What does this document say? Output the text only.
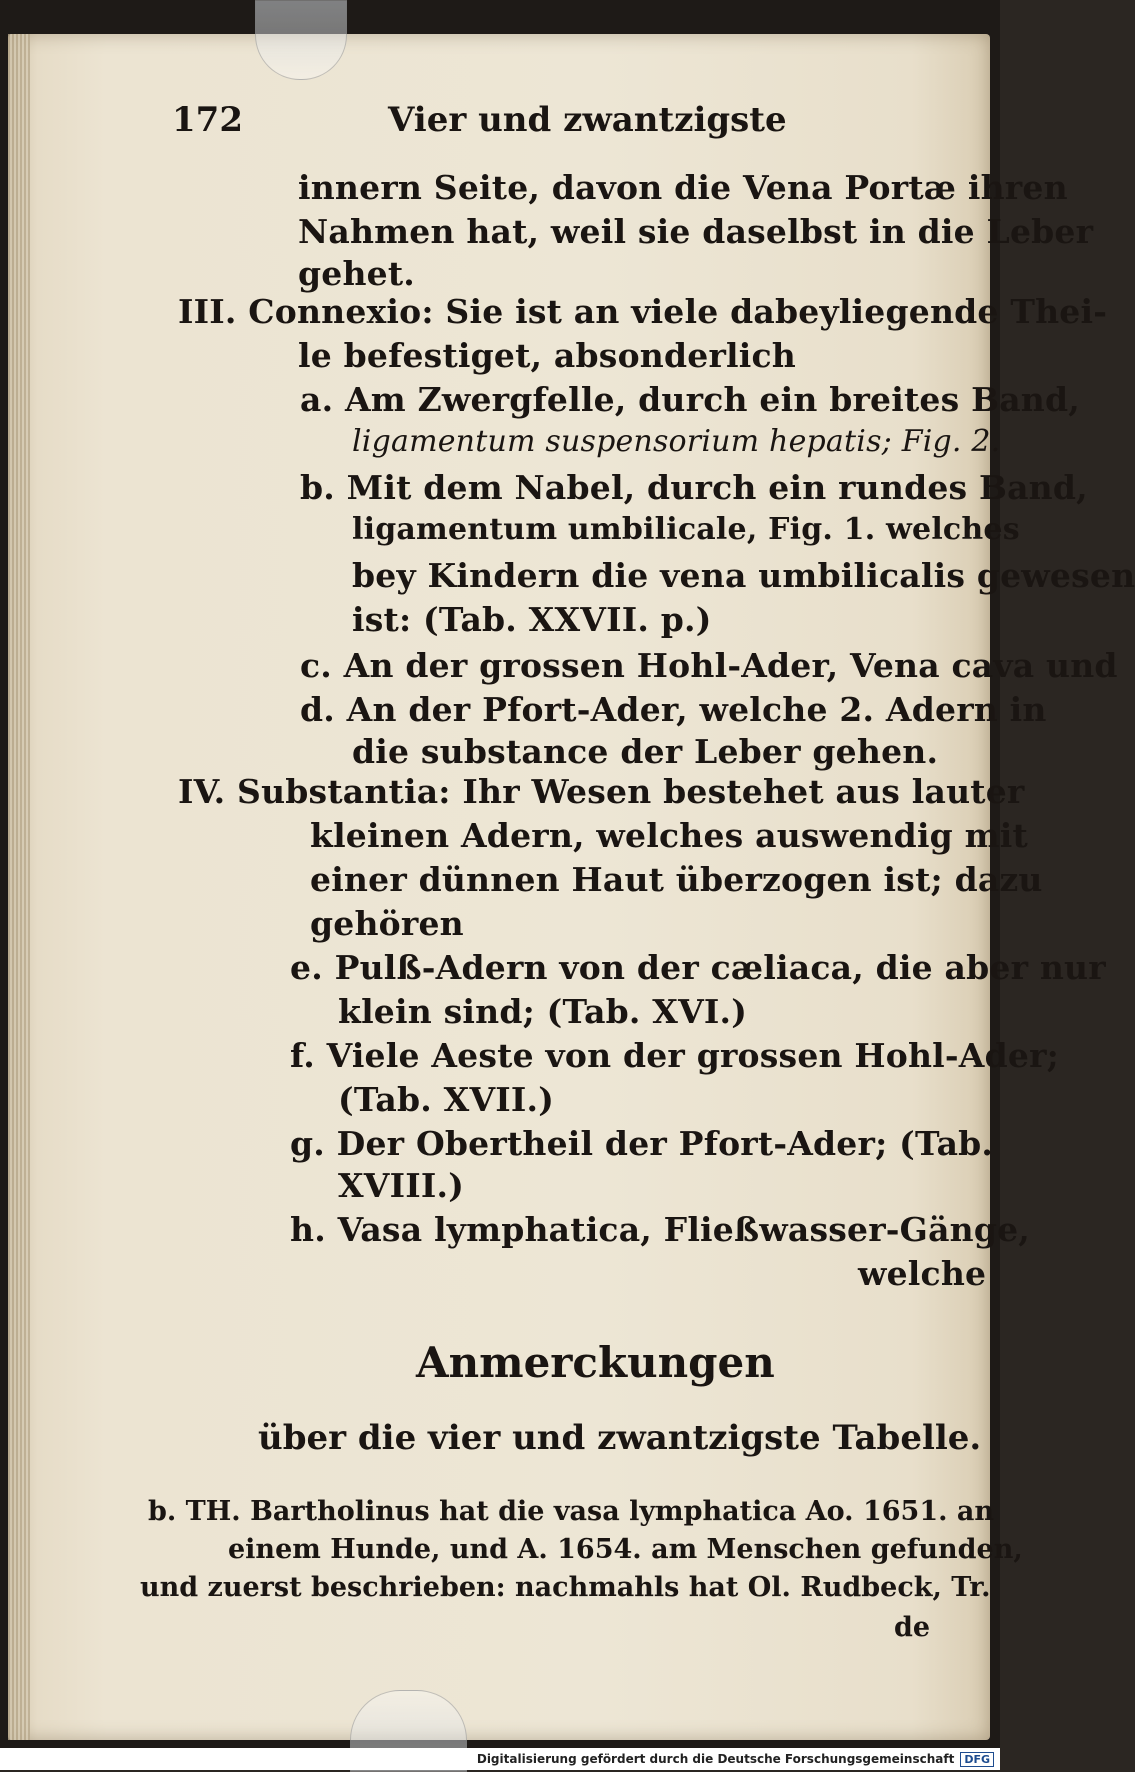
172	Vier und zwantzigste
innern Seite, davon die Vena Portæ ihren
Nahmen hat, weil sie daselbst in die Leber
gehet.
III. Connexio: Sie ist an viele dabeyliegende Thei-
le befestiget, absonderlich
a. Am Zwergfelle, durch ein breites Band,
ligamentum suspensorium hepatis; Fig. 2.
b. Mit dem Nabel, durch ein rundes Band,
ligamentum umbilicale, Fig. 1. welches
bey Kindern die vena umbilicalis gewesen
ist: (Tab. XXVII. p.)
c. An der grossen Hohl-Ader, Vena cava und
d. An der Pfort-Ader, welche 2. Adern in
die substance der Leber gehen.
IV. Substantia: Ihr Wesen bestehet aus lauter
kleinen Adern, welches auswendig mit
einer dünnen Haut überzogen ist; dazu
gehören
e. Pulß-Adern von der cæliaca, die aber nur
klein sind; (Tab. XVI.)
f. Viele Aeste von der grossen Hohl-Ader;
(Tab. XVII.)
g. Der Obertheil der Pfort-Ader; (Tab.
XVIII.)
h. Vasa lymphatica, Fließwasser-Gänge,
welche
Anmerckungen
über die vier und zwantzigste Tabelle.
b. TH. Bartholinus hat die vasa lymphatica Ao. 1651. an
einem Hunde, und A. 1654. am Menschen gefunden,
und zuerst beschrieben: nachmahls hat Ol. Rudbeck, Tr.
de
Digitalisierung gefördert durch die Deutsche Forschungsgemeinschaft DFG
